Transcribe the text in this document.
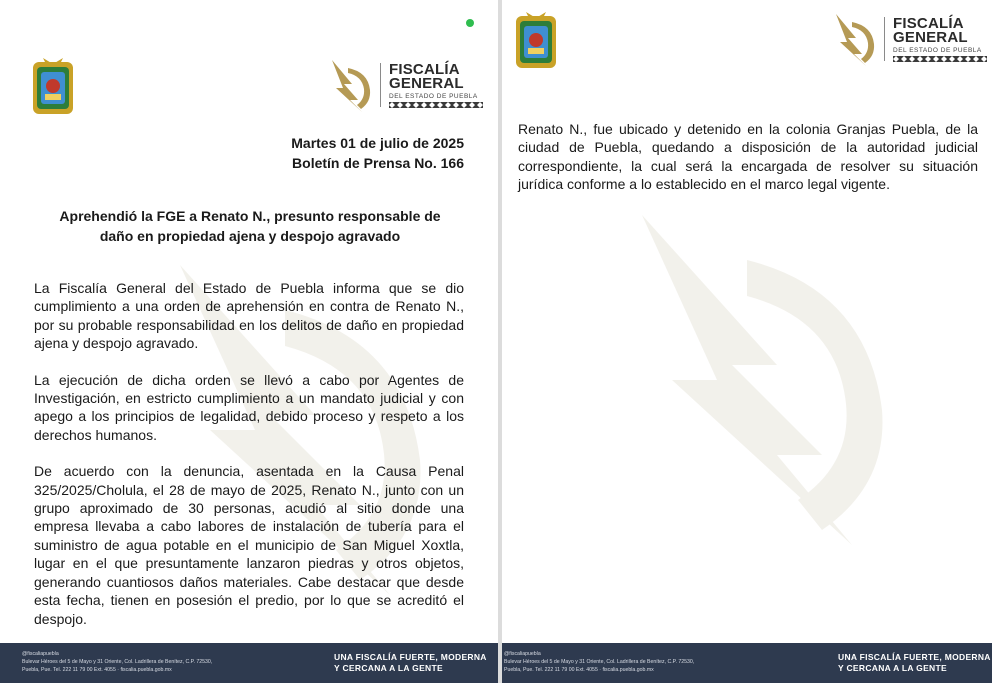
FISCALÍA
GENERAL
DEL ESTADO DE PUEBLA
Martes 01 de julio de 2025
Boletín de Prensa No. 166
Aprehendió la FGE a Renato N., presunto responsable de
daño en propiedad ajena y despojo agravado

La Fiscalía General del Estado de Puebla informa que se dio cumplimiento a una orden de aprehensión en contra de Renato N., por su probable responsabilidad en los delitos de daño en propiedad ajena y despojo agravado.

La ejecución de dicha orden se llevó a cabo por Agentes de Investigación, en estricto cumplimiento a un mandato judicial y con apego a los principios de legalidad, debido proceso y respeto a los derechos humanos.

De acuerdo con la denuncia, asentada en la Causa Penal 325/2025/Cholula, el 28 de mayo de 2025, Renato N., junto con un grupo aproximado de 30 personas, acudió al sitio donde una empresa llevaba a cabo labores de instalación de tubería para el suministro de agua potable en el municipio de San Miguel Xoxtla, lugar en el que presuntamente lanzaron piedras y otros objetos, generando cuantiosos daños materiales. Cabe destacar que desde esta fecha, tienen en posesión el predio, por lo que se acreditó el despojo.

@fiscaliapuebla
Bulevar Héroes del 5 de Mayo y 31 Oriente, Col. Ladrillera de Benítez, C.P. 72530,
Puebla, Pue. Tel. 222 11 79 00 Ext. 4055 · fiscalia.puebla.gob.mx
UNA FISCALÍA FUERTE, MODERNA
Y CERCANA A LA GENTE
FISCALÍA
GENERAL
DEL ESTADO DE PUEBLA
Renato N., fue ubicado y detenido en la colonia Granjas Puebla, de la ciudad de Puebla, quedando a disposición de la autoridad judicial correspondiente, la cual será la encargada de resolver su situación jurídica conforme a lo establecido en el marco legal vigente.
@fiscaliapuebla
Bulevar Héroes del 5 de Mayo y 31 Oriente, Col. Ladrillera de Benítez, C.P. 72530,
Puebla, Pue. Tel. 222 11 79 00 Ext. 4055 · fiscalia.puebla.gob.mx
UNA FISCALÍA FUERTE, MODERNA
Y CERCANA A LA GENTE
